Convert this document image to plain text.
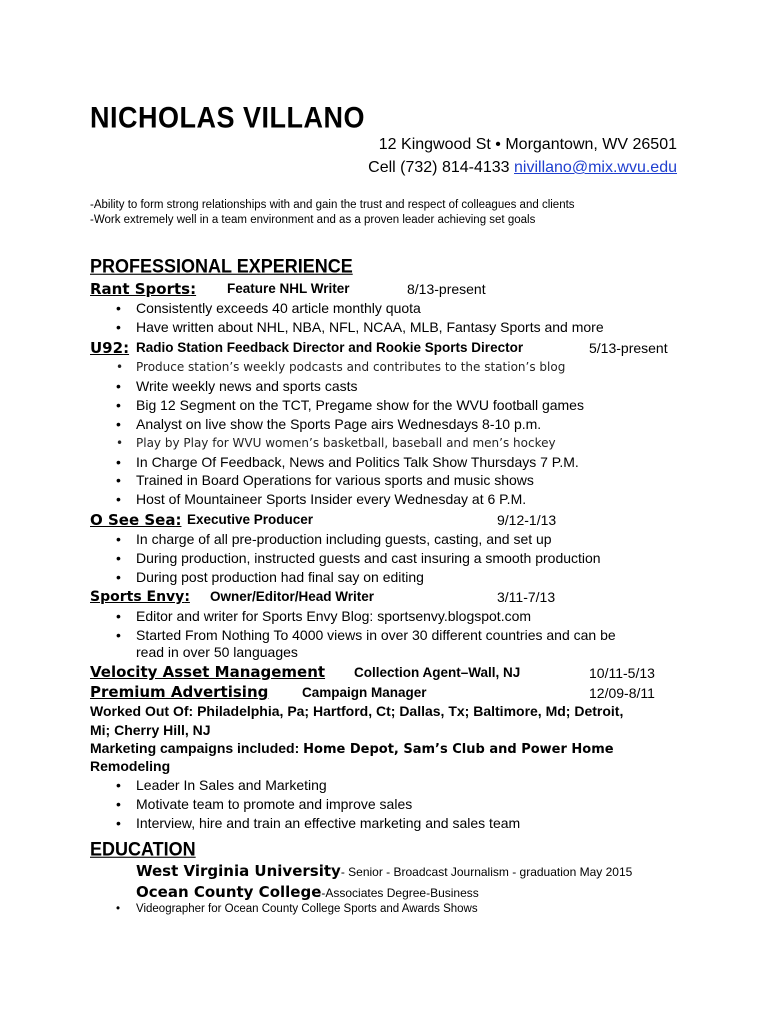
NICHOLAS VILLANO
12 Kingwood St • Morgantown, WV 26501
Cell (732) 814-4133 nivillano@mix.wvu.edu
-Ability to form strong relationships with and gain the trust and respect of colleagues and clients
-Work extremely well in a team environment and as a proven leader achieving set goals
PROFESSIONAL EXPERIENCE
Rant Sports: Feature NHL Writer	8/13-present
• Consistently exceeds 40 article monthly quota
• Have written about NHL, NBA, NFL, NCAA, MLB, Fantasy Sports and more
U92: Radio Station Feedback Director and Rookie Sports Director	5/13-present
• Produce station’s weekly podcasts and contributes to the station’s blog
• Write weekly news and sports casts
• Big 12 Segment on the TCT, Pregame show for the WVU football games
• Analyst on live show the Sports Page airs Wednesdays 8-10 p.m.
• Play by Play for WVU women’s basketball, baseball and men’s hockey
• In Charge Of Feedback, News and Politics Talk Show Thursdays 7 P.M.
• Trained in Board Operations for various sports and music shows
• Host of Mountaineer Sports Insider every Wednesday at 6 P.M.
O See Sea: Executive Producer	9/12-1/13
• In charge of all pre-production including guests, casting, and set up
• During production, instructed guests and cast insuring a smooth production
• During post production had final say on editing
Sports Envy: Owner/Editor/Head Writer	3/11-7/13
• Editor and writer for Sports Envy Blog: sportsenvy.blogspot.com
• Started From Nothing To 4000 views in over 30 different countries and can be
read in over 50 languages
Velocity Asset Management Collection Agent–Wall, NJ	10/11-5/13
Premium Advertising Campaign Manager	12/09-8/11
Worked Out Of: Philadelphia, Pa; Hartford, Ct; Dallas, Tx; Baltimore, Md; Detroit,
Mi; Cherry Hill, NJ
Marketing campaigns included: Home Depot, Sam’s Club and Power Home
Remodeling
• Leader In Sales and Marketing
• Motivate team to promote and improve sales
• Interview, hire and train an effective marketing and sales team
EDUCATION
West Virginia University- Senior - Broadcast Journalism - graduation May 2015
Ocean County College-Associates Degree-Business
• Videographer for Ocean County College Sports and Awards Shows
